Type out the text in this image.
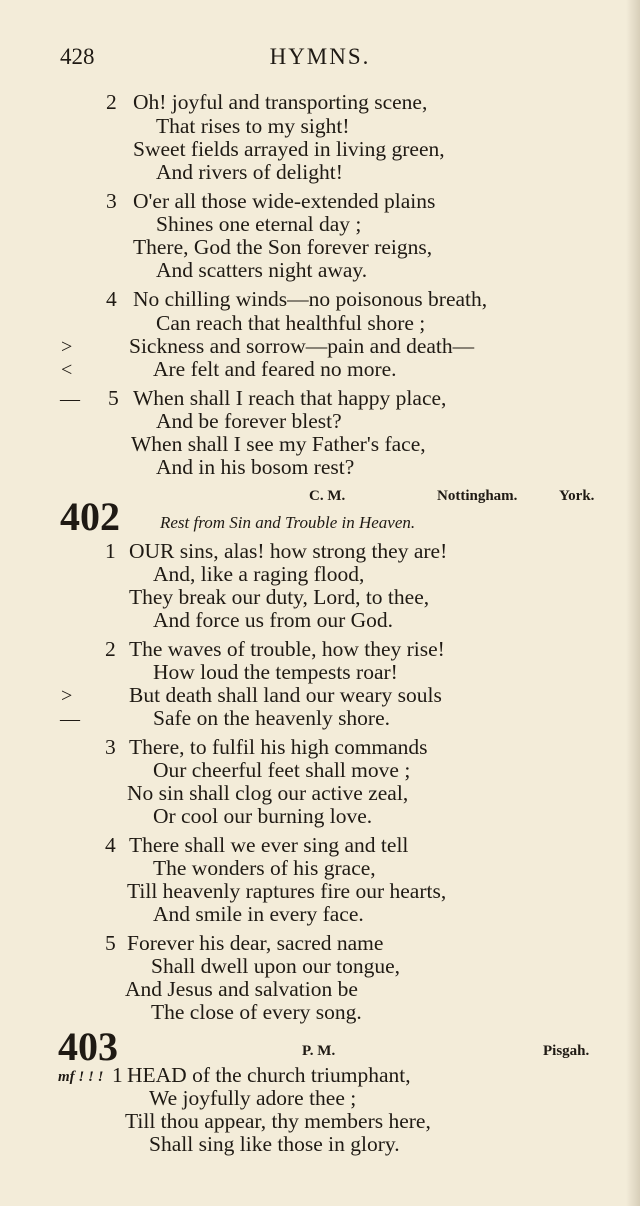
428	HYMNS.
2 Oh! joyful and transporting scene,
That rises to my sight!
Sweet fields arrayed in living green,
And rivers of delight!
3 O'er all those wide-extended plains
Shines one eternal day ;
There, God the Son forever reigns,
And scatters night away.
4 No chilling winds—no poisonous breath,
Can reach that healthful shore ;
>	Sickness and sorrow—pain and death—
<	Are felt and feared no more.
— 5 When shall I reach that happy place,
And be forever blest?
When shall I see my Father's face,
And in his bosom rest?
C. M.	Nottingham.	York.
402 Rest from Sin and Trouble in Heaven.
1 OUR sins, alas! how strong they are!
And, like a raging flood,
They break our duty, Lord, to thee,
And force us from our God.
2 The waves of trouble, how they rise!
How loud the tempests roar!
>	But death shall land our weary souls
—	Safe on the heavenly shore.
3 There, to fulfil his high commands
Our cheerful feet shall move ;
No sin shall clog our active zeal,
Or cool our burning love.
4 There shall we ever sing and tell
The wonders of his grace,
Till heavenly raptures fire our hearts,
And smile in every face.
5 Forever his dear, sacred name
Shall dwell upon our tongue,
And Jesus and salvation be
The close of every song.
403	P. M.	Pisgah.
mf ! ! ! 1 HEAD of the church triumphant,
We joyfully adore thee ;
Till thou appear, thy members here,
Shall sing like those in glory.
